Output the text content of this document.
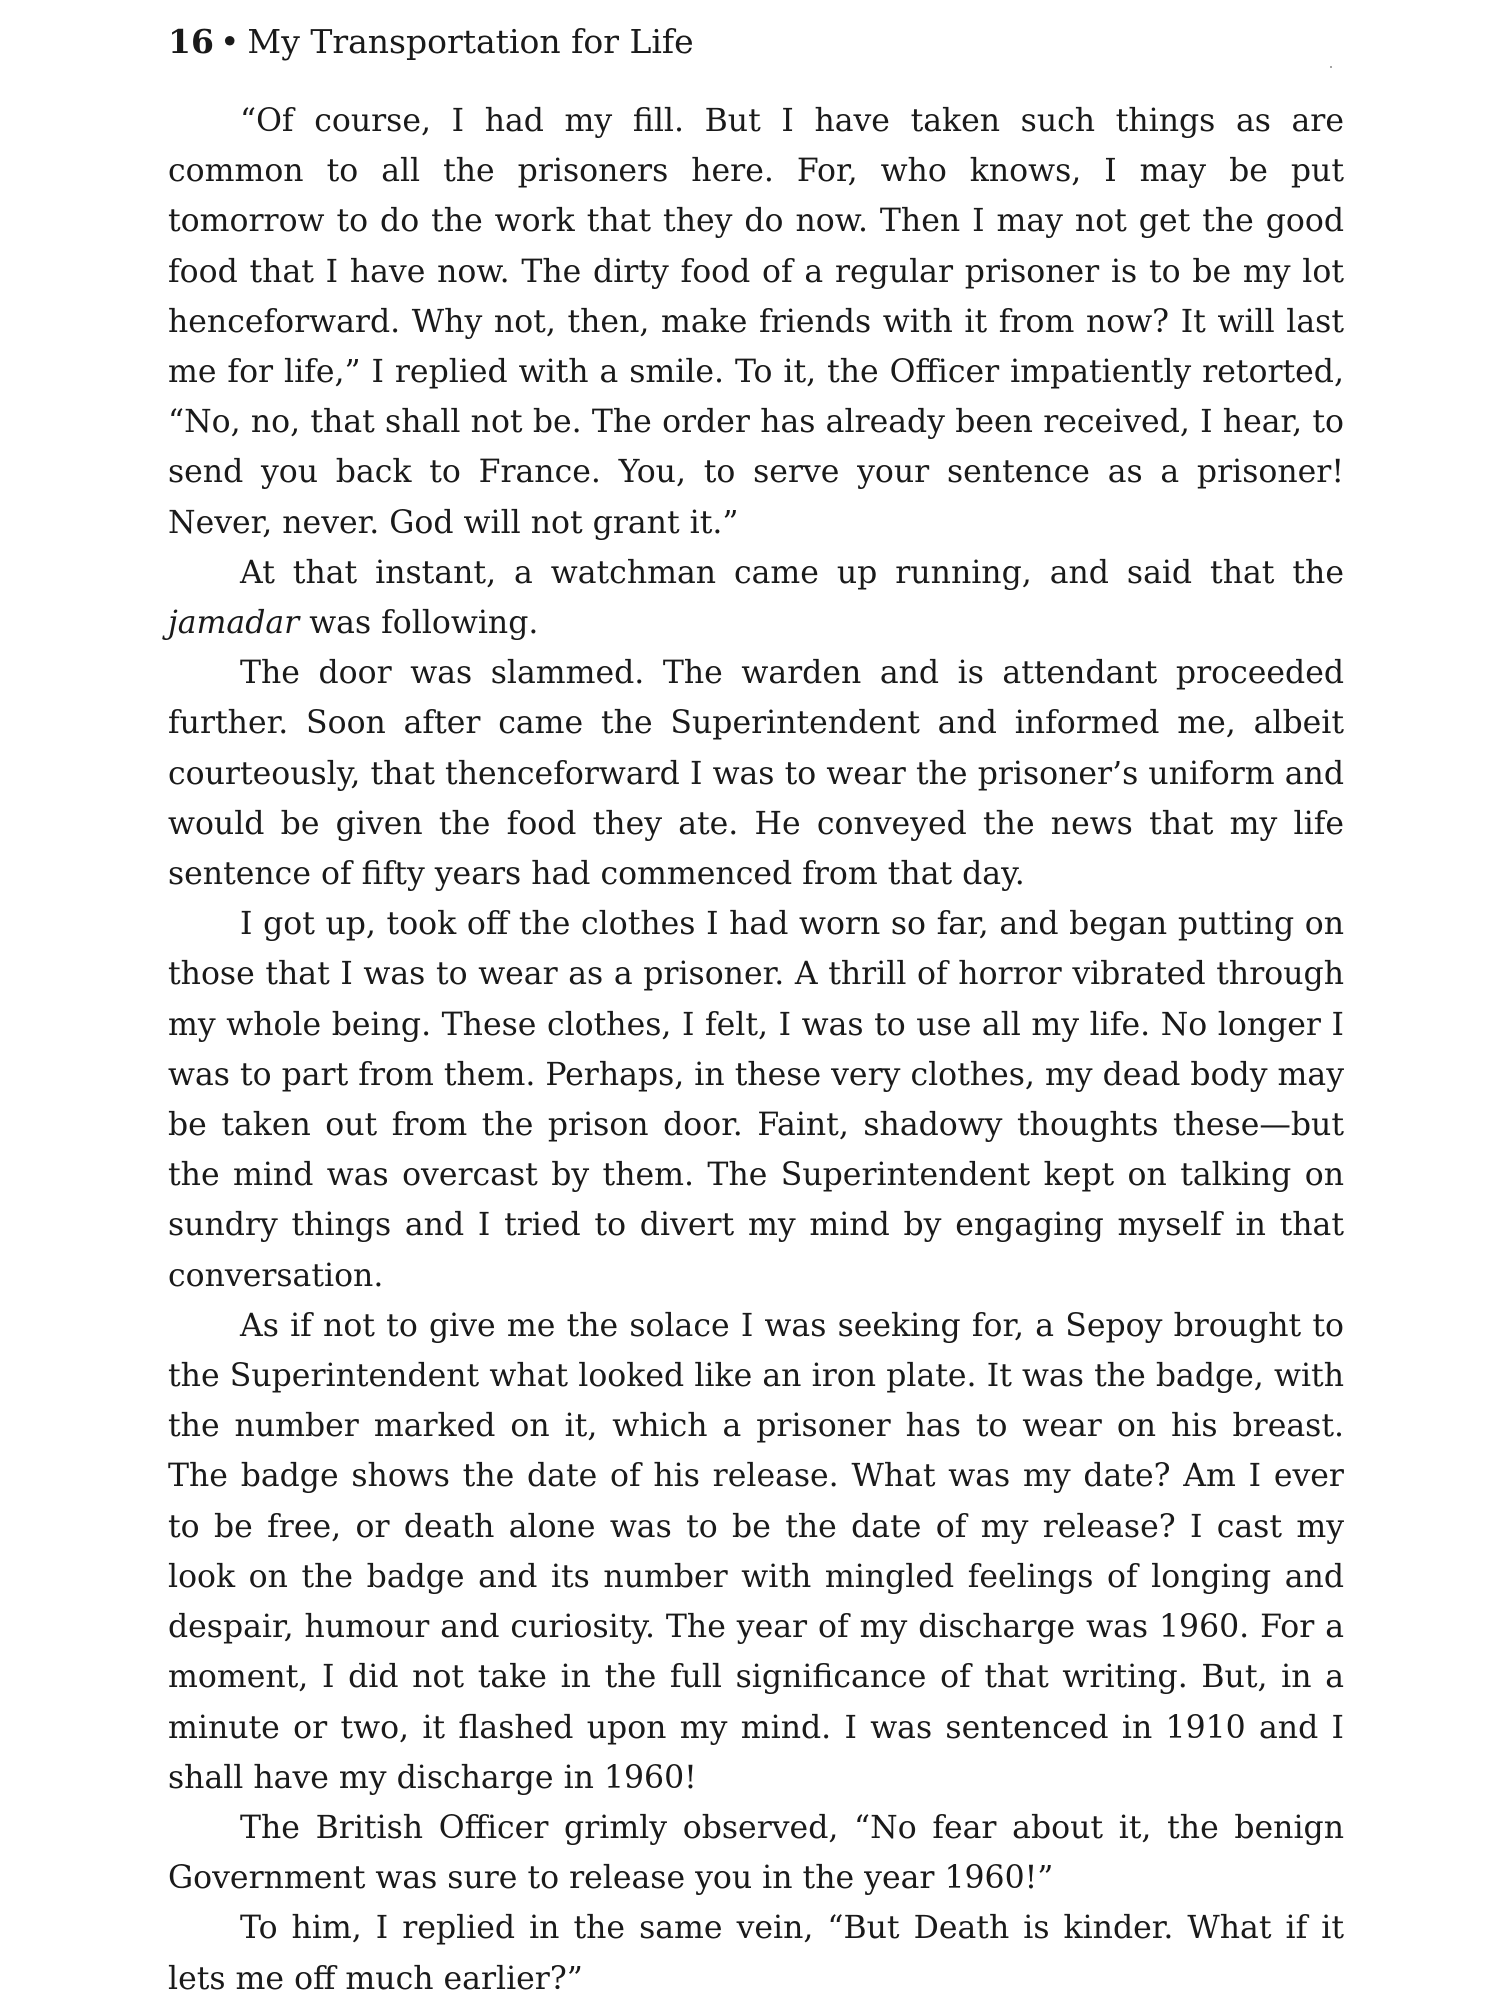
16 • My Transportation for Life

“Of course, I had my fill. But I have taken such things as are common to all the prisoners here. For, who knows, I may be put tomorrow to do the work that they do now. Then I may not get the good food that I have now. The dirty food of a regular prisoner is to be my lot henceforward. Why not, then, make friends with it from now? It will last me for life,” I replied with a smile. To it, the Officer impatiently retorted, “No, no, that shall not be. The order has already been received, I hear, to send you back to France. You, to serve your sentence as a prisoner! Never, never. God will not grant it.”

At that instant, a watchman came up running, and said that the jamadar was following.

The door was slammed. The warden and is attendant proceeded further. Soon after came the Superintendent and informed me, albeit courteously, that thenceforward I was to wear the prisoner’s uniform and would be given the food they ate. He conveyed the news that my life sentence of fifty years had commenced from that day.

I got up, took off the clothes I had worn so far, and began putting on those that I was to wear as a prisoner. A thrill of horror vibrated through my whole being. These clothes, I felt, I was to use all my life. No longer I was to part from them. Perhaps, in these very clothes, my dead body may be taken out from the prison door. Faint, shadowy thoughts these—but the mind was overcast by them. The Superintendent kept on talking on sundry things and I tried to divert my mind by engaging myself in that conversation.

As if not to give me the solace I was seeking for, a Sepoy brought to the Superintendent what looked like an iron plate. It was the badge, with the number marked on it, which a prisoner has to wear on his breast. The badge shows the date of his release. What was my date? Am I ever to be free, or death alone was to be the date of my release? I cast my look on the badge and its number with mingled feelings of longing and despair, humour and curiosity. The year of my discharge was 1960. For a moment, I did not take in the full significance of that writing. But, in a minute or two, it flashed upon my mind. I was sentenced in 1910 and I shall have my discharge in 1960!

The British Officer grimly observed, “No fear about it, the benign Government was sure to release you in the year 1960!”

To him, I replied in the same vein, “But Death is kinder. What if it lets me off much earlier?”
